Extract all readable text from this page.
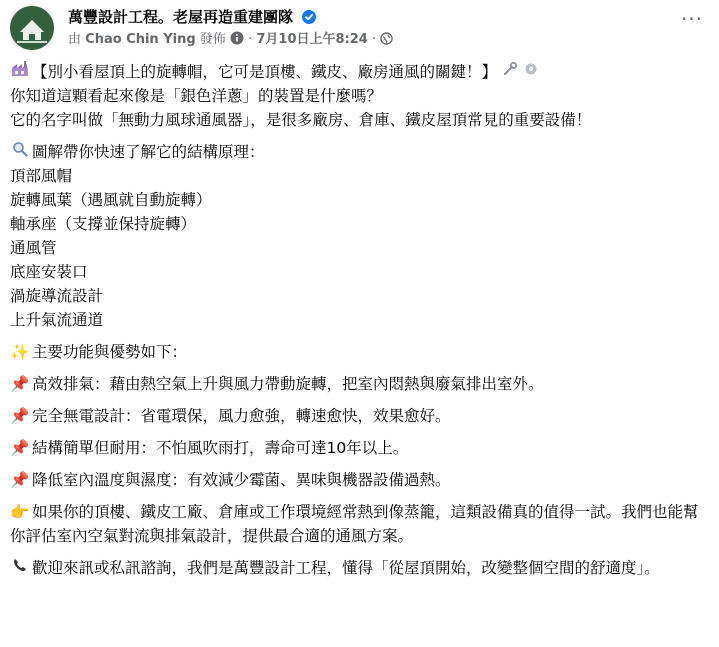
萬豐設計工程。老屋再造重建團隊
由 Chao Chin Ying 發佈 · 7月10日上午8:24 ·
···
【別小看屋頂上的旋轉帽，它可是頂樓、鐵皮、廠房通風的關鍵！】
你知道這顆看起來像是「銀色洋蔥」的裝置是什麼嗎？
它的名字叫做「無動力風球通風器」，是很多廠房、倉庫、鐵皮屋頂常見的重要設備！
圖解帶你快速了解它的結構原理：
頂部風帽
旋轉風葉（遇風就自動旋轉）
軸承座（支撐並保持旋轉）
通風管
底座安裝口
渦旋導流設計
上升氣流通道
✨ 主要功能與優勢如下：
📌 高效排氣：藉由熱空氣上升與風力帶動旋轉，把室內悶熱與廢氣排出室外。
📌 完全無電設計：省電環保，風力愈強，轉速愈快，效果愈好。
📌 結構簡單但耐用：不怕風吹雨打，壽命可達10年以上。
📌 降低室內溫度與濕度：有效減少霉菌、異味與機器設備過熱。
👉 如果你的頂樓、鐵皮工廠、倉庫或工作環境經常熱到像蒸籠，這類設備真的值得一試。我們也能幫你評估室內空氣對流與排氣設計，提供最合適的通風方案。
歡迎來訊或私訊諮詢，我們是萬豐設計工程，懂得「從屋頂開始，改變整個空間的舒適度」。
